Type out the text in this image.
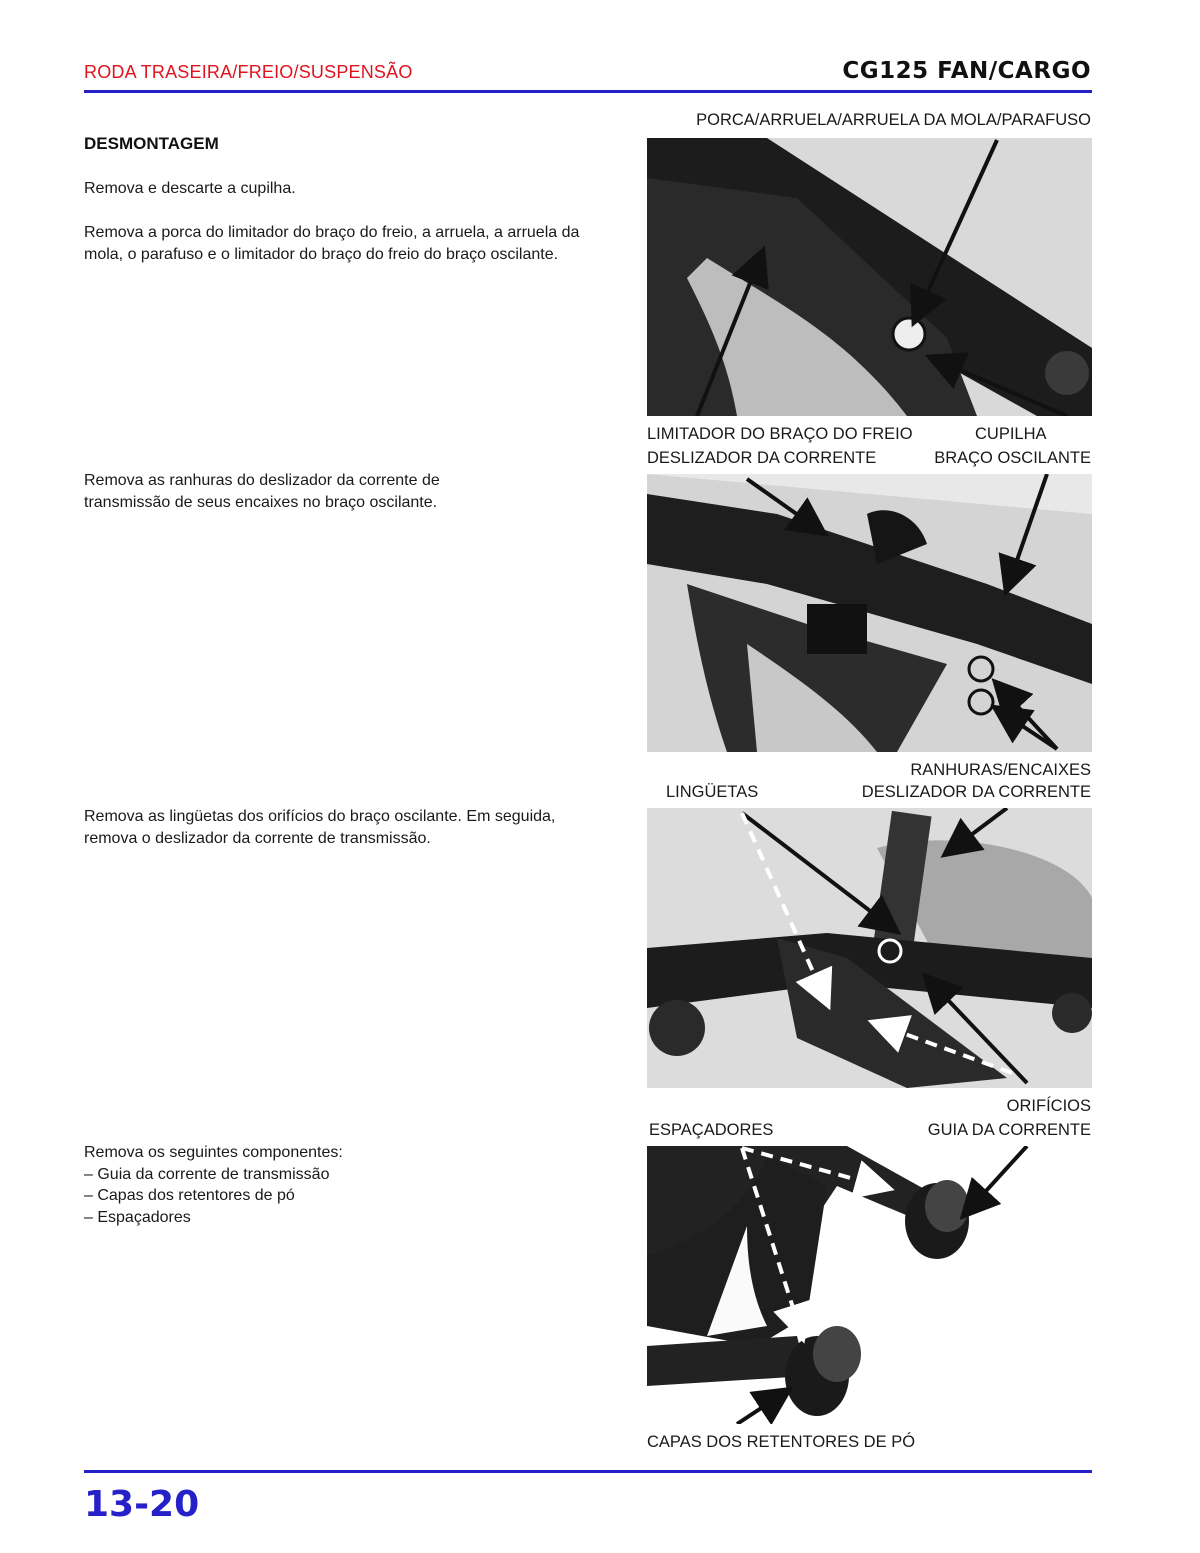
RODA TRASEIRA/FREIO/SUSPENSÃO	CG125 FAN/CARGO
DESMONTAGEM
Remova e descarte a cupilha.
Remova a porca do limitador do braço do freio, a arruela, a arruela da mola, o parafuso e o limitador do braço do freio do braço oscilante.
Remova as ranhuras do deslizador da corrente de transmissão de seus encaixes no braço oscilante.
Remova as lingüetas dos orifícios do braço oscilante. Em seguida, remova o deslizador da corrente de transmissão.
Remova os seguintes componentes:
– Guia da corrente de transmissão
– Capas dos retentores de pó
– Espaçadores
PORCA/ARRUELA/ARRUELA DA MOLA/PARAFUSO
LIMITADOR DO BRAÇO DO FREIO	CUPILHA
DESLIZADOR DA CORRENTE	BRAÇO OSCILANTE
RANHURAS/ENCAIXES
LINGÜETAS	DESLIZADOR DA CORRENTE
ORIFÍCIOS
ESPAÇADORES	GUIA DA CORRENTE
CAPAS DOS RETENTORES DE PÓ
13-20
